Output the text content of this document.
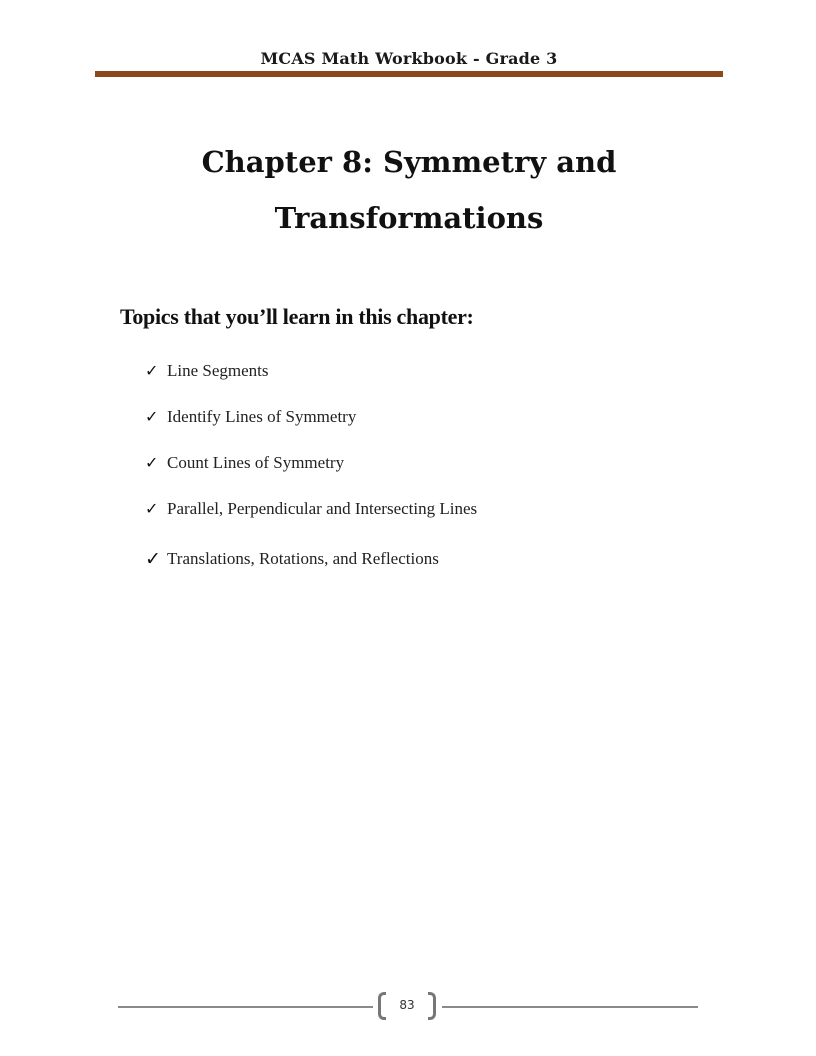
MCAS Math Workbook - Grade 3
Chapter 8: Symmetry and
Transformations
Topics that you’ll learn in this chapter:
✓ Line Segments
✓ Identify Lines of Symmetry
✓ Count Lines of Symmetry
✓ Parallel, Perpendicular and Intersecting Lines
✓ Translations, Rotations, and Reflections
83
